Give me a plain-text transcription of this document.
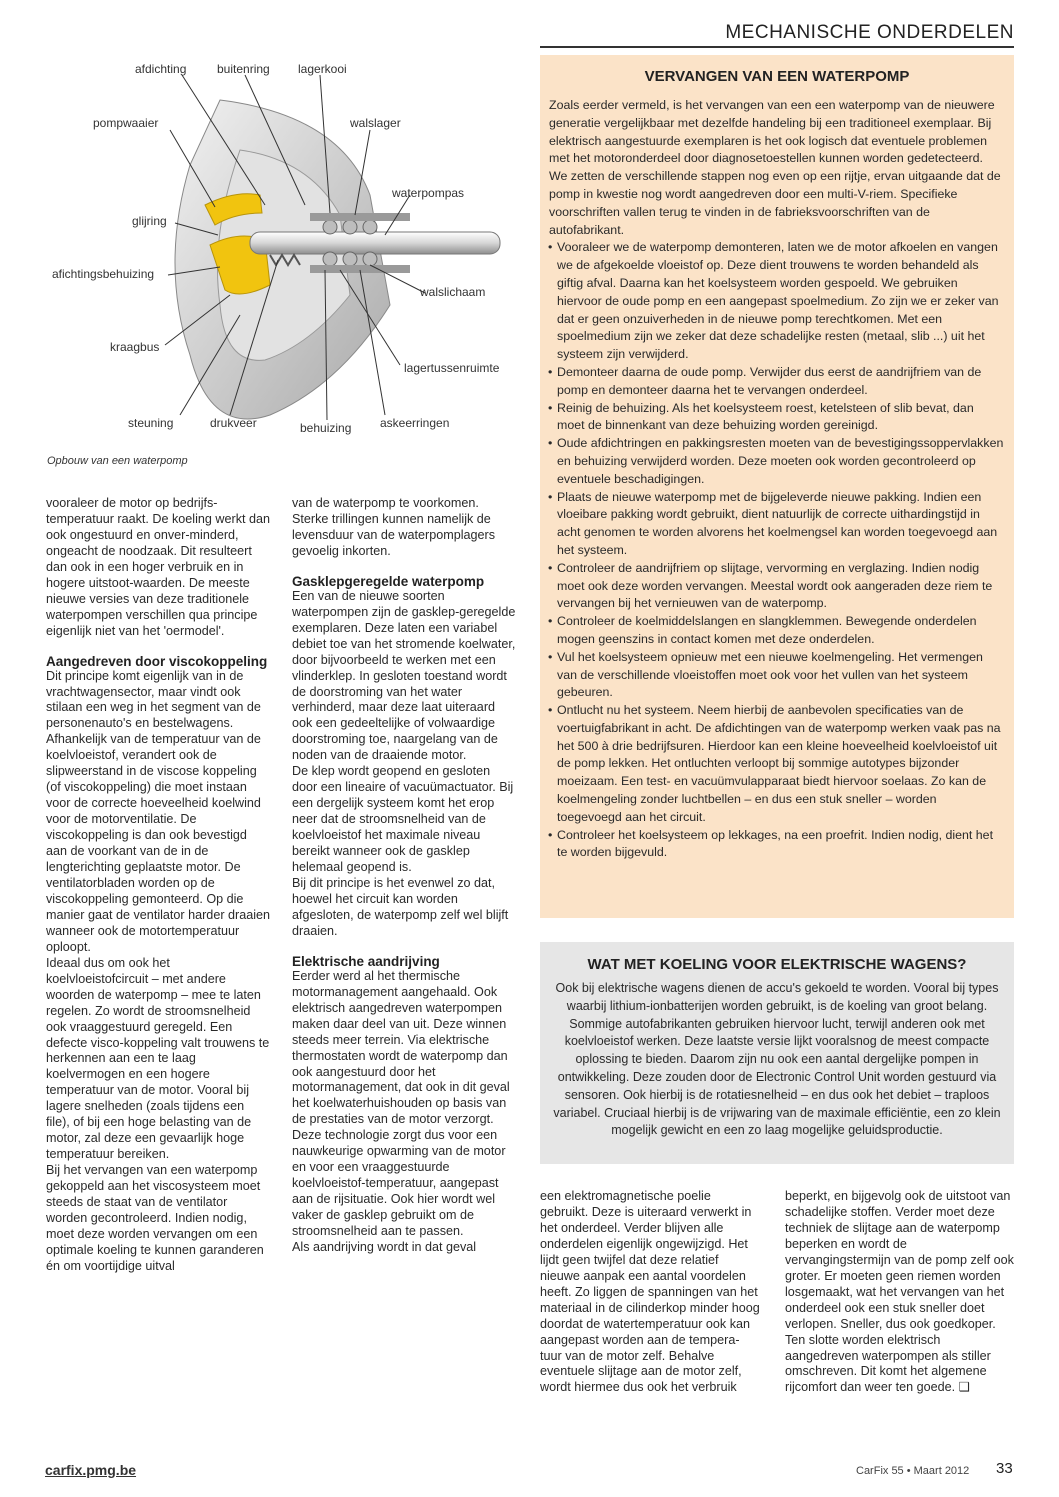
MECHANISCHE ONDERDELEN
afdichting	buitenring lagerkooi
pompwaaier	walslager
waterpompas
glijring
afichtingsbehuizing
walslichaam
kraagbus
lagertussenruimte
steuning	drukveer	behuizing askeerringen
Opbouw van een waterpomp

vooraleer de motor op bedrijfs-temperatuur raakt. De koeling werkt dan ook ongestuurd en onver-minderd, ongeacht de noodzaak. Dit resulteert dan ook in een hoger verbruik en in hogere uitstoot-waarden. De meeste nieuwe versies van deze traditionele waterpompen verschillen qua principe eigenlijk niet van het 'oermodel'.

Aangedreven door viscokoppeling

Dit principe komt eigenlijk van in de vrachtwagensector, maar vindt ook stilaan een weg in het segment van de personenauto's en bestelwagens. Afhankelijk van de temperatuur van de koelvloeistof, verandert ook de slipweerstand in de viscose koppeling (of viscokoppeling) die moet instaan voor de correcte hoeveelheid koelwind voor de motorventilatie. De viscokoppeling is dan ook bevestigd aan de voorkant van de in de lengterichting geplaatste motor. De ventilatorbladen worden op de viscokoppeling gemonteerd. Op die manier gaat de ventilator harder draaien wanneer ook de motortemperatuur oploopt.

Ideaal dus om ook het koelvloeistofcircuit – met andere woorden de waterpomp – mee te laten regelen. Zo wordt de stroomsnelheid ook vraaggestuurd geregeld. Een defecte visco-koppeling valt trouwens te herkennen aan een te laag koelvermogen en een hogere temperatuur van de motor. Vooral bij lagere snelheden (zoals tijdens een file), of bij een hoge belasting van de motor, zal deze een gevaarlijk hoge temperatuur bereiken.

Bij het vervangen van een waterpomp gekoppeld aan het viscosysteem moet steeds de staat van de ventilator worden gecontroleerd. Indien nodig, moet deze worden vervangen om een optimale koeling te kunnen garanderen én om voortijdige uitval

van de waterpomp te voorkomen. Sterke trillingen kunnen namelijk de levensduur van de waterpomplagers gevoelig inkorten.

Gasklepgeregelde waterpomp

Een van de nieuwe soorten waterpompen zijn de gasklep-geregelde exemplaren. Deze laten een variabel debiet toe van het stromende koelwater, door bijvoorbeeld te werken met een vlinderklep. In gesloten toestand wordt de doorstroming van het water verhinderd, maar deze laat uiteraard ook een gedeeltelijke of volwaardige doorstroming toe, naargelang van de noden van de draaiende motor.

De klep wordt geopend en gesloten door een lineaire of vacuümactuator. Bij een dergelijk systeem komt het erop neer dat de stroomsnelheid van de koelvloeistof het maximale niveau bereikt wanneer ook de gasklep helemaal geopend is.

Bij dit principe is het evenwel zo dat, hoewel het circuit kan worden afgesloten, de waterpomp zelf wel blijft draaien.

Elektrische aandrijving

Eerder werd al het thermische motormanagement aangehaald. Ook elektrisch aangedreven waterpompen maken daar deel van uit. Deze winnen steeds meer terrein. Via elektrische thermostaten wordt de waterpomp dan ook aangestuurd door het motormanagement, dat ook in dit geval het koelwaterhuishouden op basis van de prestaties van de motor verzorgt. Deze technologie zorgt dus voor een nauwkeurige opwarming van de motor en voor een vraaggestuurde koelvloeistof-temperatuur, aangepast aan de rijsituatie. Ook hier wordt wel vaker de gasklep gebruikt om de stroomsnelheid aan te passen.

Als aandrijving wordt in dat geval

VERVANGEN VAN EEN WATERPOMP

Zoals eerder vermeld, is het vervangen van een een waterpomp van de nieuwere generatie vergelijkbaar met dezelfde handeling bij een traditioneel exemplaar. Bij elektrisch aangestuurde exemplaren is het ook logisch dat eventuele problemen met het motoronderdeel door diagnosetoestellen kunnen worden gedetecteerd.

We zetten de verschillende stappen nog even op een rijtje, ervan uitgaande dat de pomp in kwestie nog wordt aangedreven door een multi-V-riem. Specifieke voorschriften vallen terug te vinden in de fabrieksvoorschriften van de autofabrikant.

• Vooraleer we de waterpomp demonteren, laten we de motor afkoelen en vangen we de afgekoelde vloeistof op. Deze dient trouwens te worden behandeld als giftig afval. Daarna kan het koelsysteem worden gespoeld. We gebruiken hiervoor de oude pomp en een aangepast spoelmedium. Zo zijn we er zeker van dat er geen onzuiverheden in de nieuwe pomp terechtkomen. Met een spoelmedium zijn we zeker dat deze schadelijke resten (metaal, slib ...) uit het systeem zijn verwijderd.
• Demonteer daarna de oude pomp. Verwijder dus eerst de aandrijfriem van de pomp en demonteer daarna het te vervangen onderdeel.
• Reinig de behuizing. Als het koelsysteem roest, ketelsteen of slib bevat, dan moet de binnenkant van deze behuizing worden gereinigd.
• Oude afdichtringen en pakkingsresten moeten van de bevestigingssoppervlakken en behuizing verwijderd worden. Deze moeten ook worden gecontroleerd op eventuele beschadigingen.
• Plaats de nieuwe waterpomp met de bijgeleverde nieuwe pakking. Indien een vloeibare pakking wordt gebruikt, dient natuurlijk de correcte uithardingstijd in acht genomen te worden alvorens het koelmengsel kan worden toegevoegd aan het systeem.
• Controleer de aandrijfriem op slijtage, vervorming en verglazing. Indien nodig moet ook deze worden vervangen. Meestal wordt ook aangeraden deze riem te vervangen bij het vernieuwen van de waterpomp.
• Controleer de koelmiddelslangen en slangklemmen. Bewegende onderdelen mogen geenszins in contact komen met deze onderdelen.
• Vul het koelsysteem opnieuw met een nieuwe koelmengeling. Het vermengen van de verschillende vloeistoffen moet ook voor het vullen van het systeem gebeuren.
• Ontlucht nu het systeem. Neem hierbij de aanbevolen specificaties van de voertuigfabrikant in acht. De afdichtingen van de waterpomp werken vaak pas na het 500 à drie bedrijfsuren. Hierdoor kan een kleine hoeveelheid koelvloeistof uit de pomp lekken. Het ontluchten verloopt bij sommige autotypes bijzonder moeizaam. Een test- en vacuümvulapparaat biedt hiervoor soelaas. Zo kan de koelmengeling zonder luchtbellen – en dus een stuk sneller – worden toegevoegd aan het circuit.
• Controleer het koelsysteem op lekkages, na een proefrit. Indien nodig, dient het te worden bijgevuld.
WAT MET KOELING VOOR ELEKTRISCHE WAGENS?
Ook bij elektrische wagens dienen de accu's gekoeld te worden. Vooral bij types waarbij lithium-ionbatterijen worden gebruikt, is de koeling van groot belang. Sommige autofabrikanten gebruiken hiervoor lucht, terwijl anderen ook met koelvloeistof werken. Deze laatste versie lijkt vooralsnog de meest compacte oplossing te bieden. Daarom zijn nu ook een aantal dergelijke pompen in ontwikkeling. Deze zouden door de Electronic Control Unit worden gestuurd via sensoren. Ook hierbij is de rotatiesnelheid – en dus ook het debiet – traploos variabel. Cruciaal hierbij is de vrijwaring van de maximale efficiëntie, een zo klein mogelijk gewicht en een zo laag mogelijke geluidsproductie.

een elektromagnetische poelie gebruikt. Deze is uiteraard verwerkt in het onderdeel. Verder blijven alle onderdelen eigenlijk ongewijzigd. Het lijdt geen twijfel dat deze relatief nieuwe aanpak een aantal voordelen heeft. Zo liggen de spanningen van het materiaal in de cilinderkop minder hoog doordat de watertemperatuur ook kan aangepast worden aan de tempera-tuur van de motor zelf. Behalve eventuele slijtage aan de motor zelf, wordt hiermee dus ook het verbruik

beperkt, en bijgevolg ook de uitstoot van schadelijke stoffen. Verder moet deze techniek de slijtage aan de waterpomp beperken en wordt de vervangingstermijn van de pomp zelf ook groter. Er moeten geen riemen worden losgemaakt, wat het vervangen van het onderdeel ook een stuk sneller doet verlopen. Sneller, dus ook goedkoper. Ten slotte worden elektrisch aangedreven waterpompen als stiller omschreven. Dit komt het algemene rijcomfort dan weer ten goede. ❑

carfix.pmg.be	CarFix 55 • Maart 2012 33
